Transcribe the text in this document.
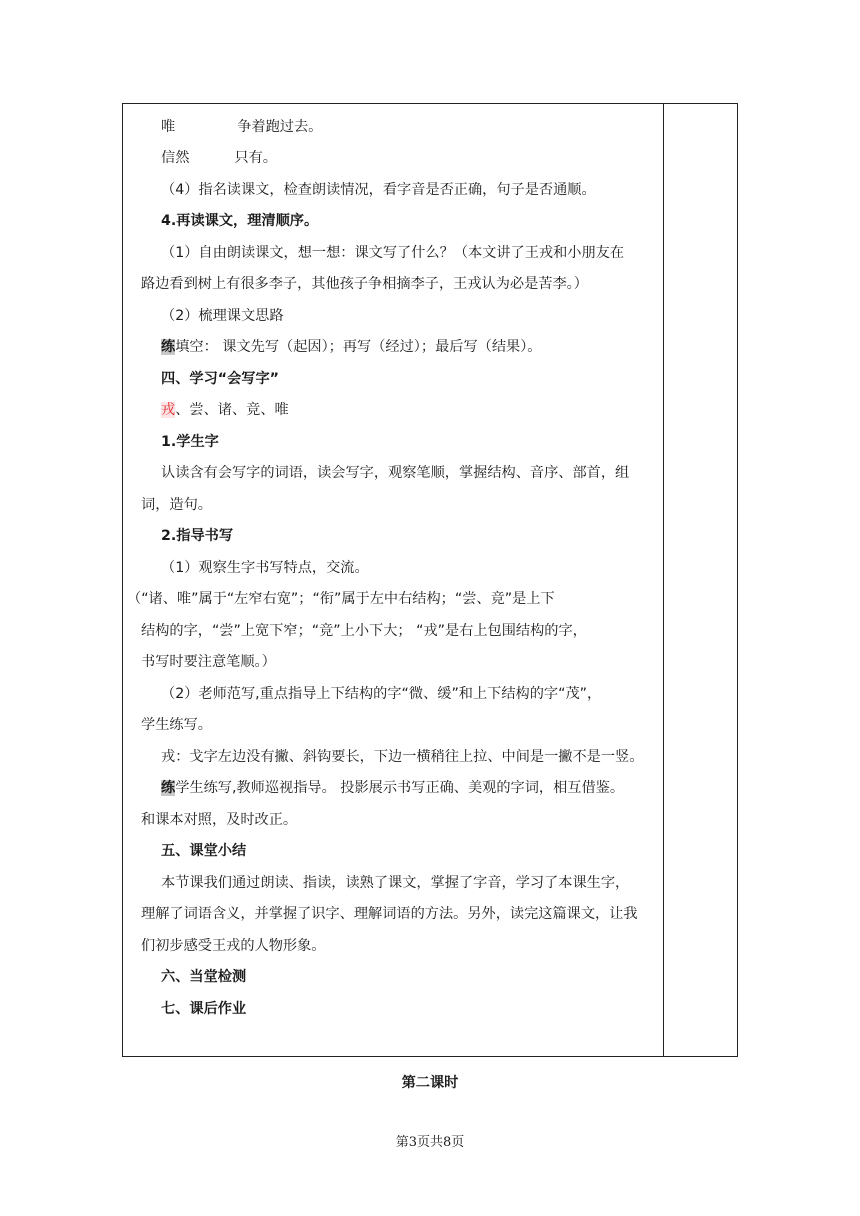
唯	争着跑过去。
信然	只有。
（4）指名读课文，检查朗读情况，看字音是否正确，句子是否通顺。
4.再读课文，理清顺序。
（1）自由朗读课文，想一想：课文写了什么？（本文讲了王戎和小朋友在
路边看到树上有很多李子，其他孩子争相摘李子，王戎认为必是苦李。）
（2）梳理课文思路
练填空： 课文先写（起因）；再写（经过）；最后写（结果）。
四、学习“会写字”
戎、尝、诸、竞、唯
1.学生字
认读含有会写字的词语，读会写字，观察笔顺，掌握结构、音序、部首，组
词，造句。
2.指导书写
（1）观察生字书写特点，交流。
（“诸、唯”属于“左窄右宽”；“衔”属于左中右结构；“尝、竞”是上下
结构的字，“尝”上宽下窄；“竞”上小下大； “戎”是右上包围结构的字，
书写时要注意笔顺。）
（2）老师范写,重点指导上下结构的字“微、缓”和上下结构的字“茂”，
学生练写。
戎：戈字左边没有撇、斜钩要长，下边一横稍往上拉、中间是一撇不是一竖。
练学生练写,教师巡视指导。 投影展示书写正确、美观的字词，相互借鉴。
和课本对照，及时改正。
五、课堂小结
本节课我们通过朗读、指读，读熟了课文，掌握了字音，学习了本课生字，
理解了词语含义，并掌握了识字、理解词语的方法。另外，读完这篇课文，让我
们初步感受王戎的人物形象。
六、当堂检测
七、课后作业
第二课时
第3页共8页
